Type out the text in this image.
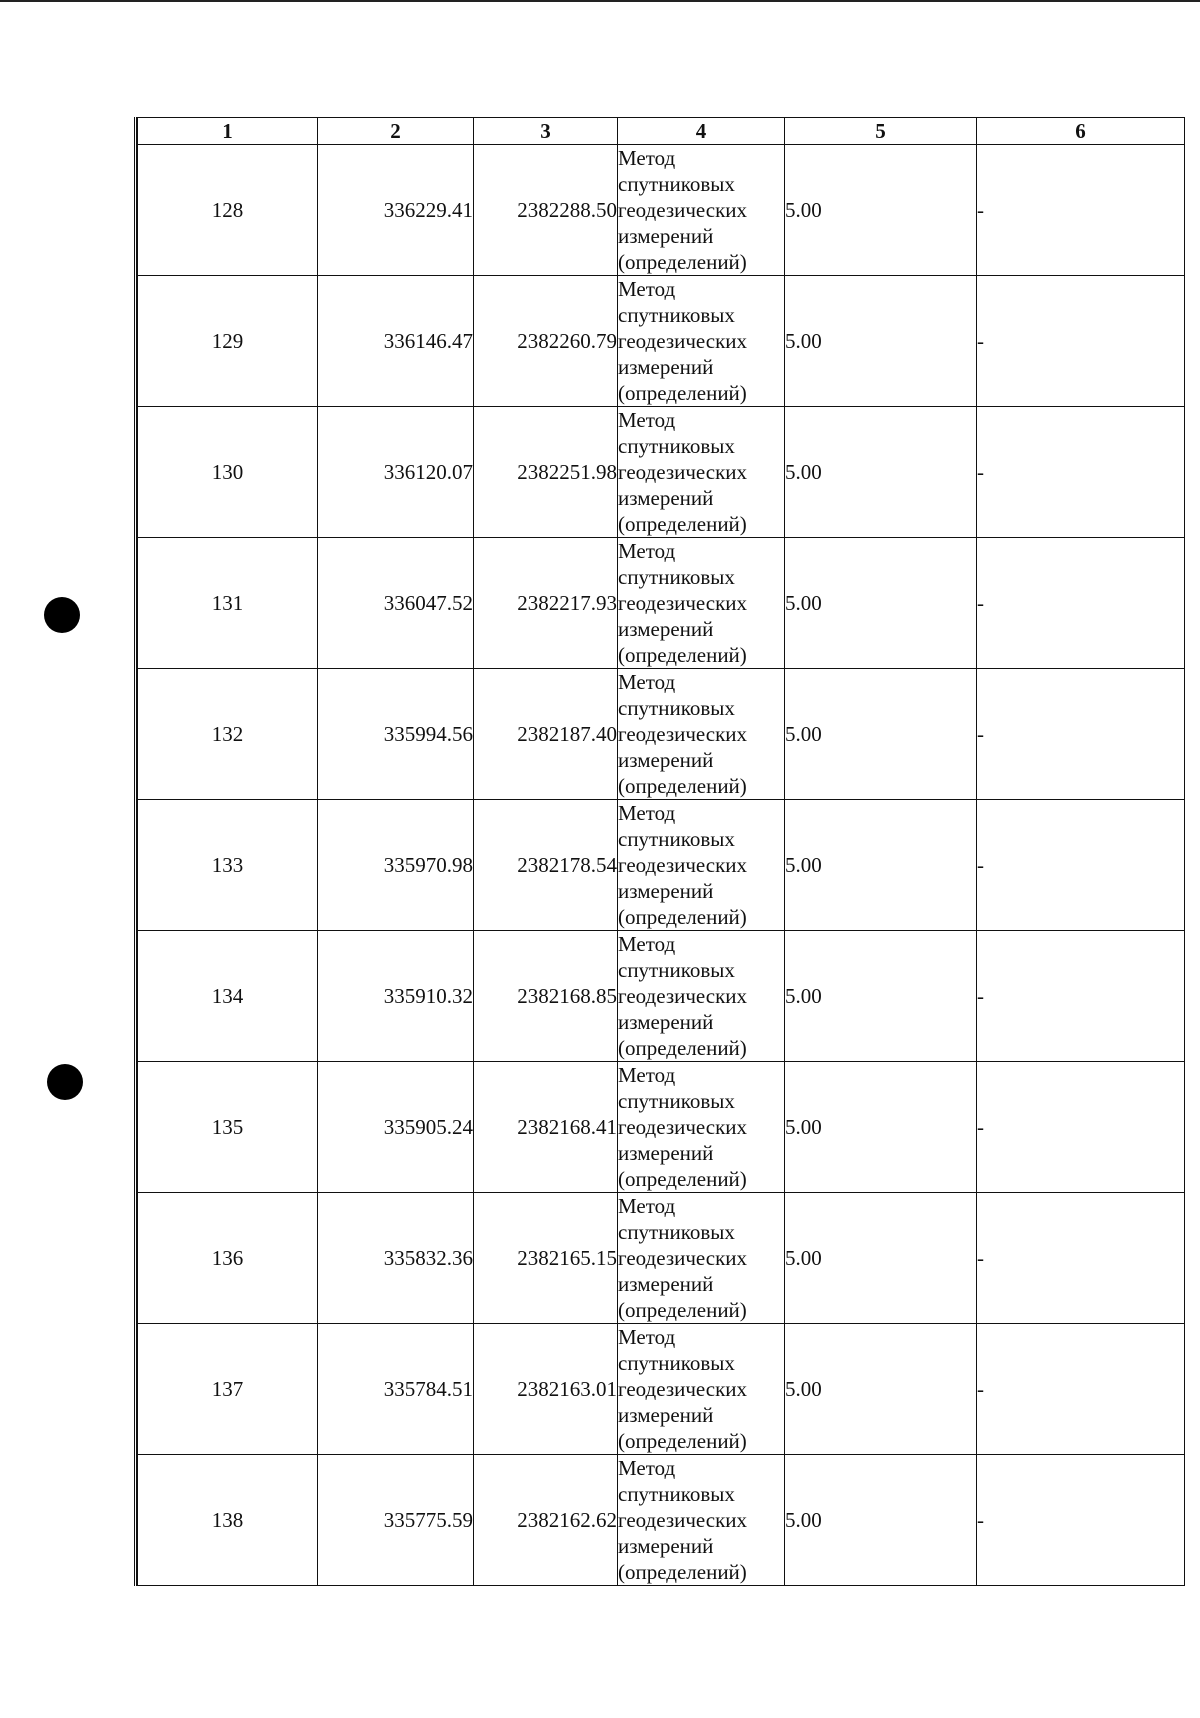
1	2	3	4	5	6
128	336229.41	2382288.50	Метод
спутниковых
геодезических
измерений
(определений)	5.00	-
129	336146.47	2382260.79	Метод
спутниковых
геодезических
измерений
(определений)	5.00	-
130	336120.07	2382251.98	Метод
спутниковых
геодезических
измерений
(определений)	5.00	-
131	336047.52	2382217.93	Метод
спутниковых
геодезических
измерений
(определений)	5.00	-
132	335994.56	2382187.40	Метод
спутниковых
геодезических
измерений
(определений)	5.00	-
133	335970.98	2382178.54	Метод
спутниковых
геодезических
измерений
(определений)	5.00	-
134	335910.32	2382168.85	Метод
спутниковых
геодезических
измерений
(определений)	5.00	-
135	335905.24	2382168.41	Метод
спутниковых
геодезических
измерений
(определений)	5.00	-
136	335832.36	2382165.15	Метод
спутниковых
геодезических
измерений
(определений)	5.00	-
137	335784.51	2382163.01	Метод
спутниковых
геодезических
измерений
(определений)	5.00	-
138	335775.59	2382162.62	Метод
спутниковых
геодезических
измерений
(определений)	5.00	-
